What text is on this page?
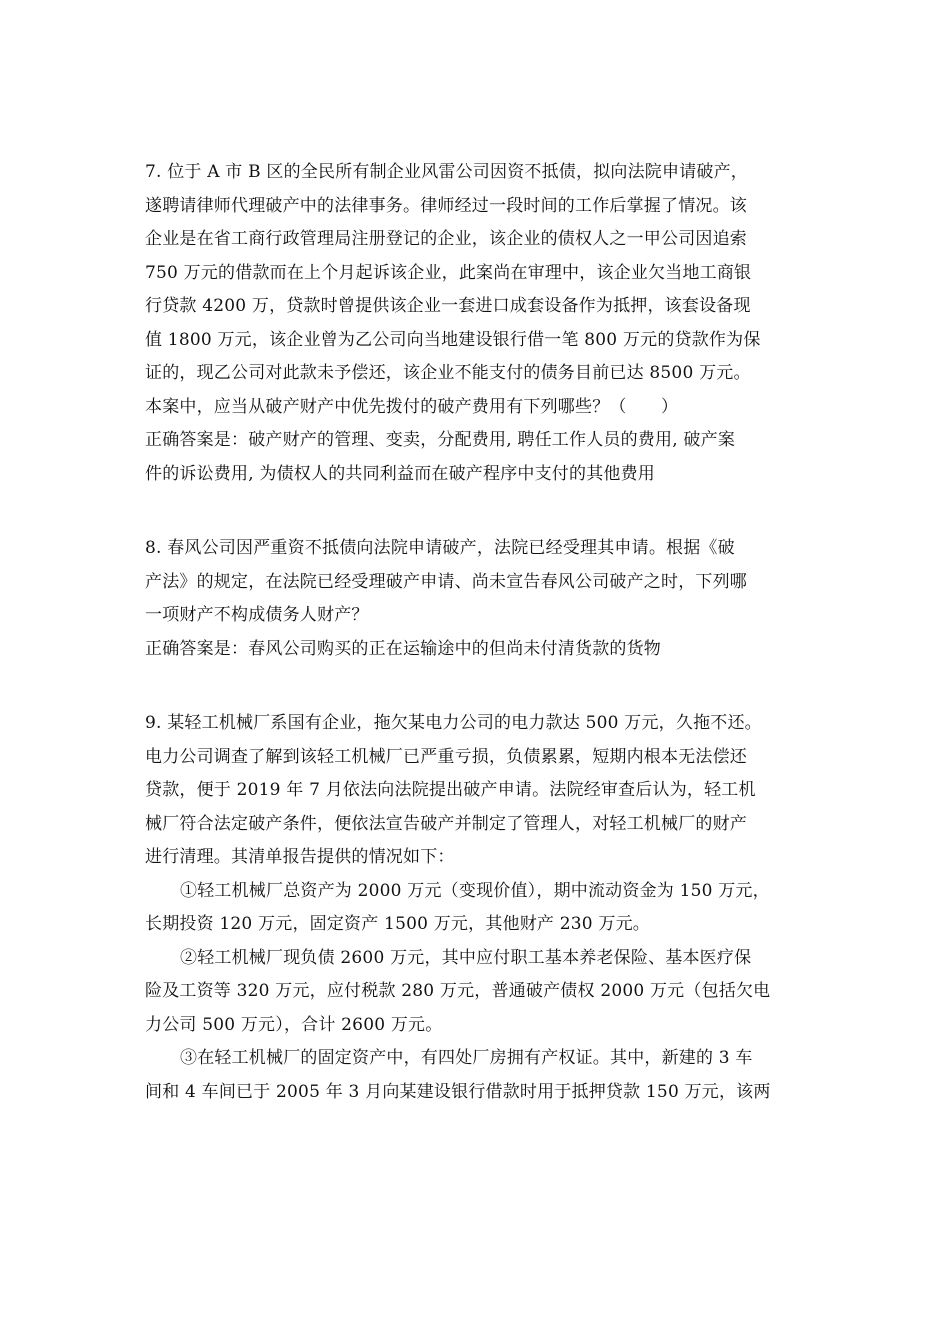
7. 位于 A 市 B 区的全民所有制企业风雷公司因资不抵债，拟向法院申请破产，
遂聘请律师代理破产中的法律事务。律师经过一段时间的工作后掌握了情况。该
企业是在省工商行政管理局注册登记的企业，该企业的债权人之一甲公司因追索
750 万元的借款而在上个月起诉该企业，此案尚在审理中，该企业欠当地工商银
行贷款 4200 万，贷款时曾提供该企业一套进口成套设备作为抵押，该套设备现
值 1800 万元，该企业曾为乙公司向当地建设银行借一笔 800 万元的贷款作为保
证的，现乙公司对此款未予偿还，该企业不能支付的债务目前已达 8500 万元。
本案中，应当从破产财产中优先拨付的破产费用有下列哪些？（　　）
正确答案是：破产财产的管理、变卖，分配费用, 聘任工作人员的费用, 破产案
件的诉讼费用, 为债权人的共同利益而在破产程序中支付的其他费用
8. 春风公司因严重资不抵债向法院申请破产，法院已经受理其申请。根据《破
产法》的规定，在法院已经受理破产申请、尚未宣告春风公司破产之时，下列哪
一项财产不构成债务人财产？
正确答案是：春风公司购买的正在运输途中的但尚未付清货款的货物
9. 某轻工机械厂系国有企业，拖欠某电力公司的电力款达 500 万元，久拖不还。
电力公司调查了解到该轻工机械厂已严重亏损，负债累累，短期内根本无法偿还
贷款，便于 2019 年 7 月依法向法院提出破产申请。法院经审查后认为，轻工机
械厂符合法定破产条件，便依法宣告破产并制定了管理人，对轻工机械厂的财产
进行清理。其清单报告提供的情况如下：
①轻工机械厂总资产为 2000 万元（变现价值），期中流动资金为 150 万元，
长期投资 120 万元，固定资产 1500 万元，其他财产 230 万元。
②轻工机械厂现负债 2600 万元，其中应付职工基本养老保险、基本医疗保
险及工资等 320 万元，应付税款 280 万元，普通破产债权 2000 万元（包括欠电
力公司 500 万元），合计 2600 万元。
③在轻工机械厂的固定资产中，有四处厂房拥有产权证。其中，新建的 3 车
间和 4 车间已于 2005 年 3 月向某建设银行借款时用于抵押贷款 150 万元，该两
